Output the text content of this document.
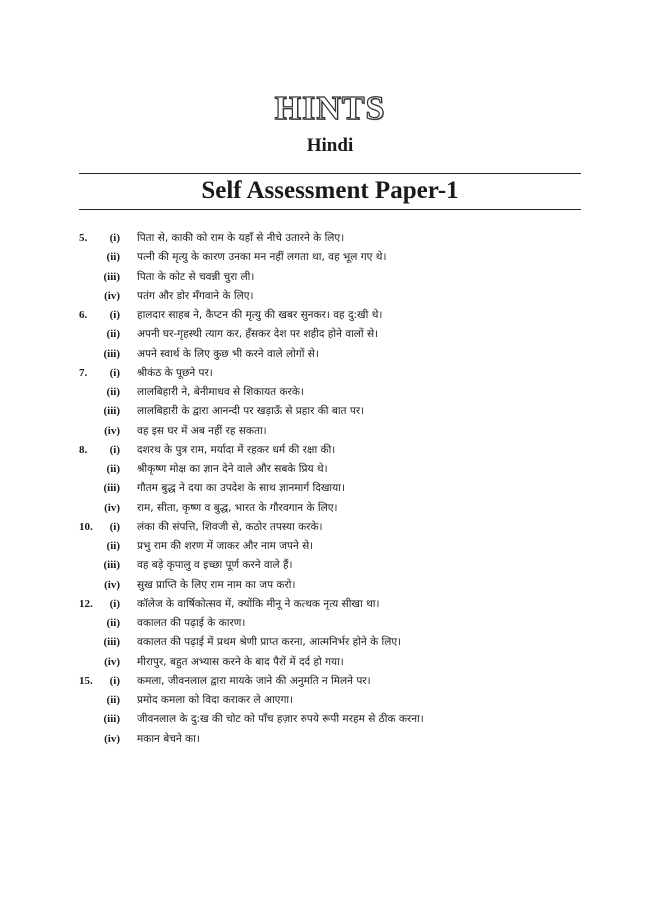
HINTS
Hindi
Self Assessment Paper-1
5. (i) पिता से, काकी को राम के यहाँ से नीचे उतारने के लिए।
(ii) पत्नी की मृत्यु के कारण उनका मन नहीं लगता था, वह भूल गए थे।
(iii) पिता के कोट से चवन्नी चुरा ली।
(iv) पतंग और डोर मँगवाने के लिए।
6. (i) हालदार साहब ने, कैप्टन की मृत्यु की खबर सुनकर। वह दु:खी थे।
(ii) अपनी घर-गृहस्थी त्याग कर, हँसकर देश पर शहीद होने वालों से।
(iii) अपने स्वार्थ के लिए कुछ भी करने वाले लोगों से।
7. (i) श्रीकंठ के पूछने पर।
(ii) लालबिहारी ने, बेनीमाधव से शिकायत करके।
(iii) लालबिहारी के द्वारा आनन्दी पर खड़ाऊँ से प्रहार की बात पर।
(iv) वह इस घर में अब नहीं रह सकता।
8. (i) दशरथ के पुत्र राम, मर्यादा में रहकर धर्म की रक्षा की।
(ii) श्रीकृष्ण मोक्ष का ज्ञान देने वाले और सबके प्रिय थे।
(iii) गौतम बुद्ध ने दया का उपदेश के साथ ज्ञानमार्ग दिखाया।
(iv) राम, सीता, कृष्ण व बुद्ध, भारत के गौरवगान के लिए।
10. (i) लंका की संपत्ति, शिवजी से, कठोर तपस्या करके।
(ii) प्रभु राम की शरण में जाकर और नाम जपने से।
(iii) वह बड़े कृपालु व इच्छा पूर्ण करने वाले हैं।
(iv) सुख प्राप्ति के लिए राम नाम का जप करो।
12. (i) कॉलेज के वार्षिकोत्सव में, क्योंकि मीनू ने कत्थक नृत्य सीखा था।
(ii) वकालत की पढ़ाई के कारण।
(iii) वकालत की पढ़ाई में प्रथम श्रेणी प्राप्त करना, आत्मनिर्भर होने के लिए।
(iv) मीरापुर, बहुत अभ्यास करने के बाद पैरों में दर्द हो गया।
15. (i) कमला, जीवनलाल द्वारा मायके जाने की अनुमति न मिलने पर।
(ii) प्रमोद कमला को विदा कराकर ले आएगा।
(iii) जीवनलाल के दु:ख की चोट को पाँच हज़ार रुपये रूपी मरहम से ठीक करना।
(iv) मकान बेचने का।
